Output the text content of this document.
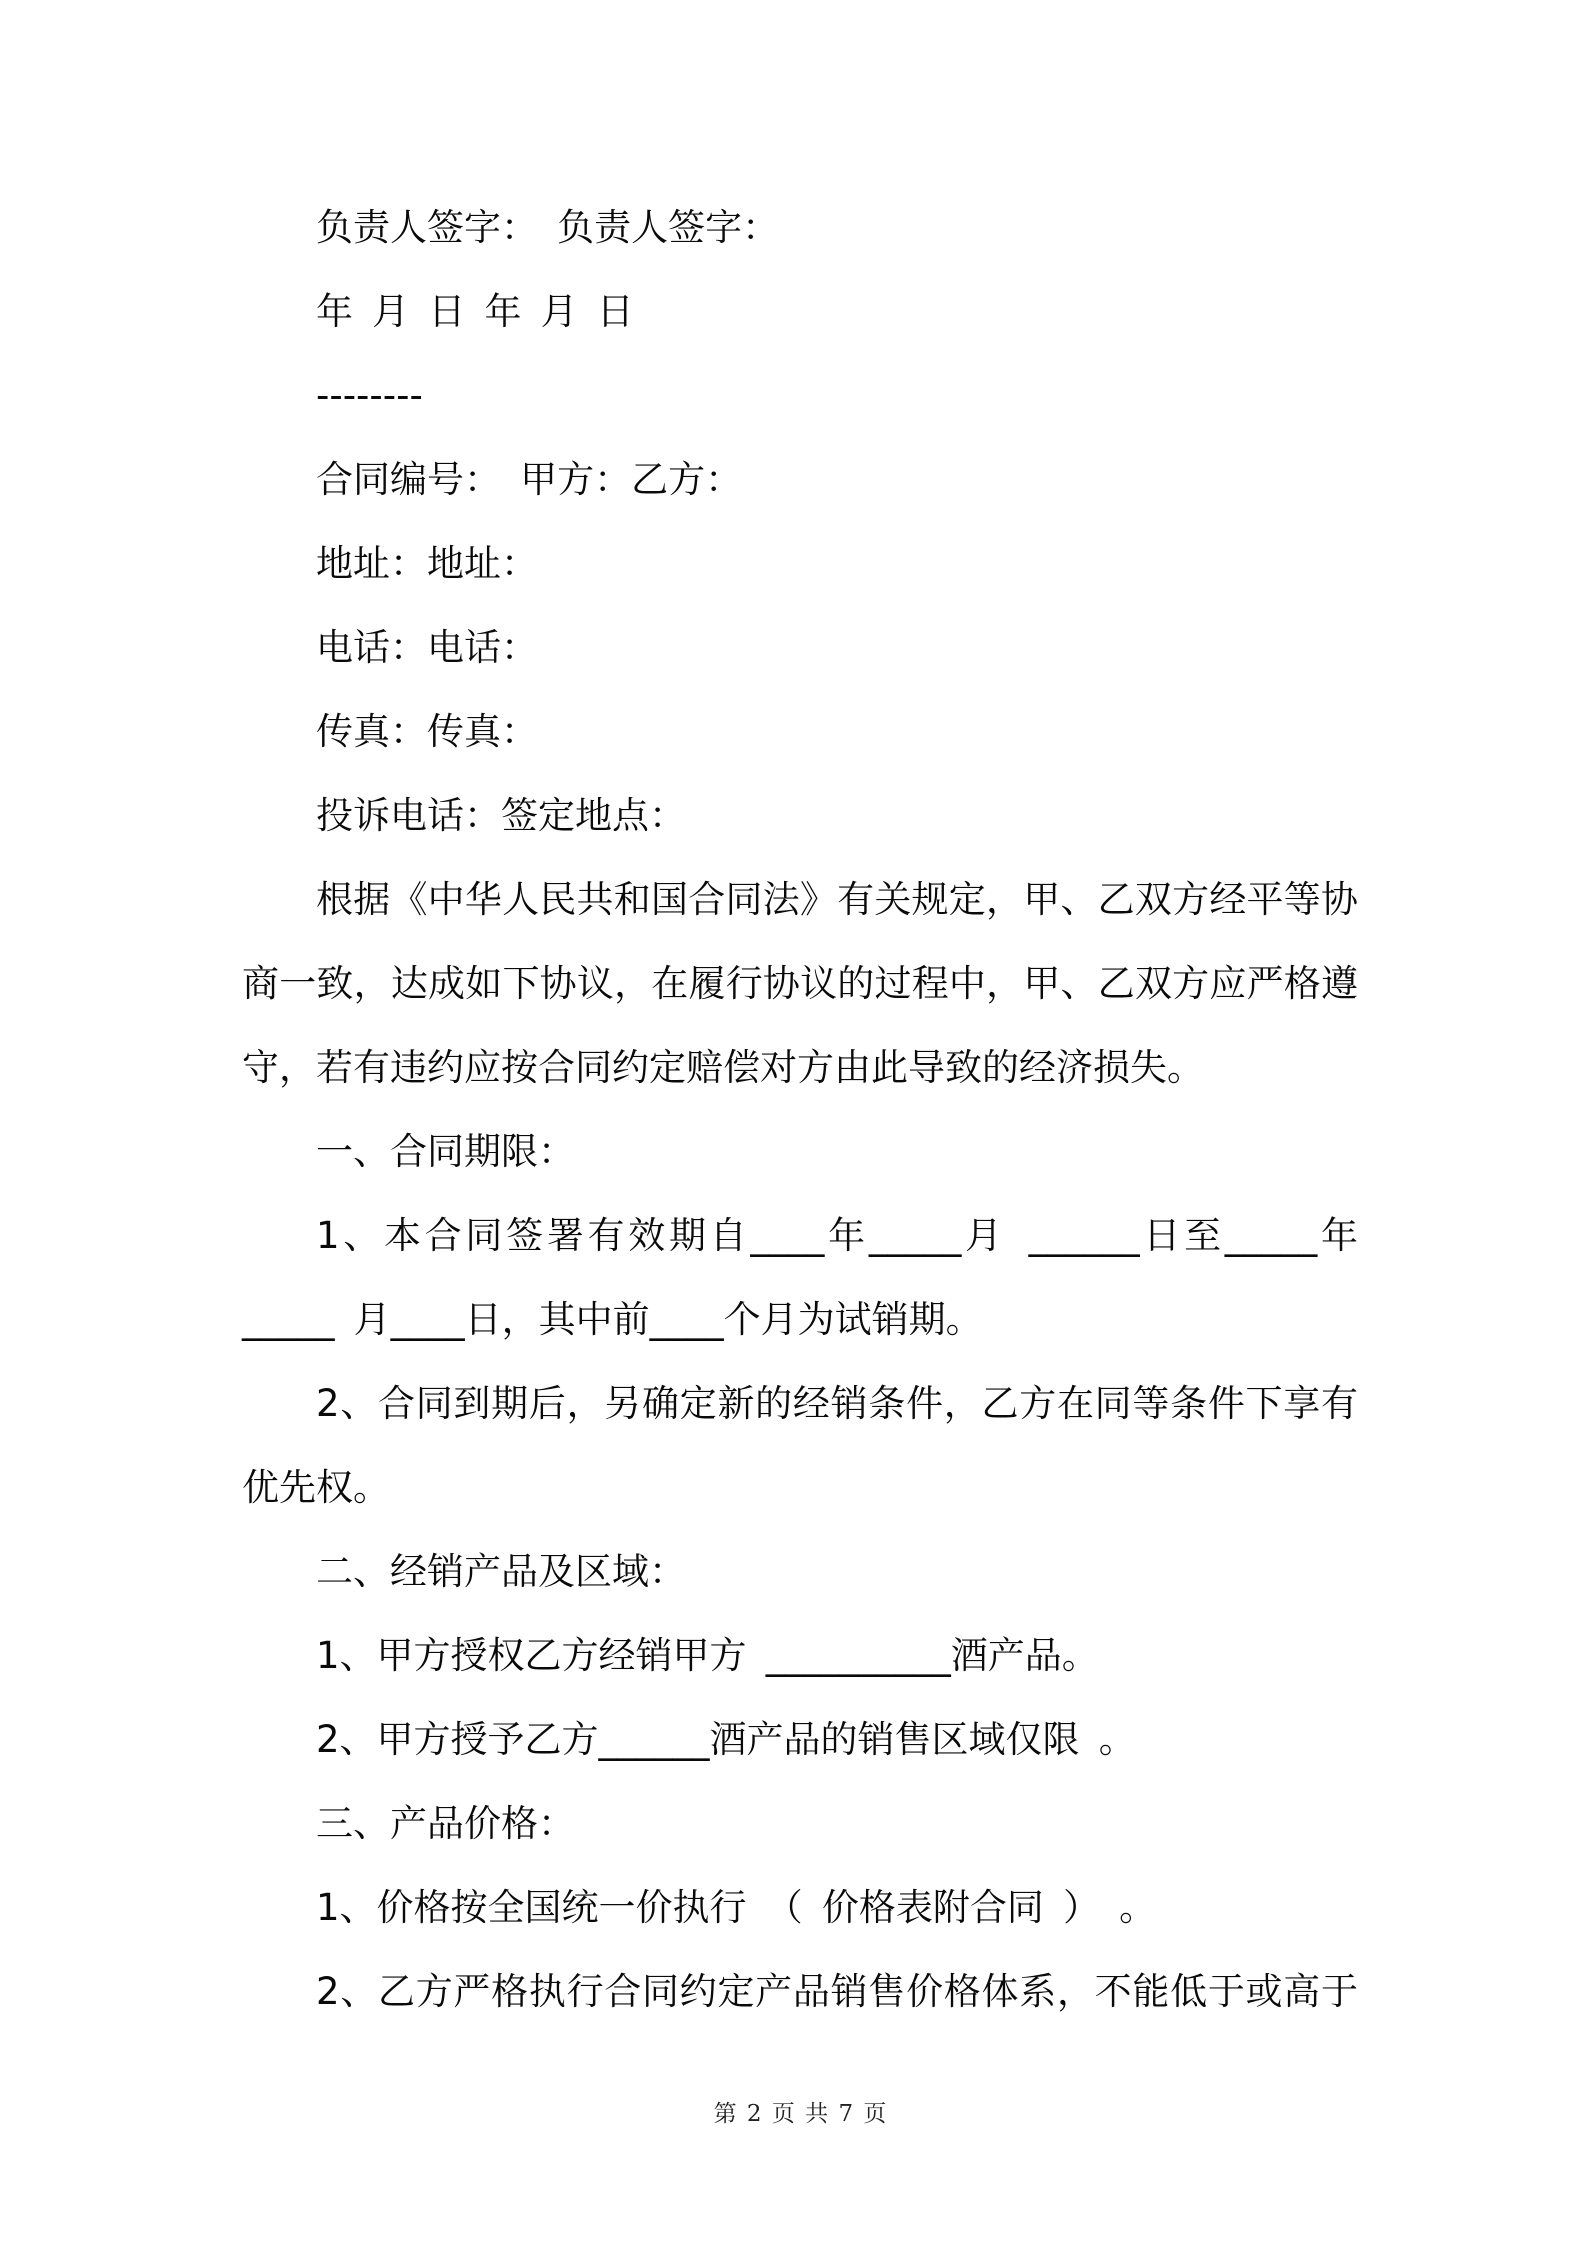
负责人签字： 负责人签字：
年 月 日 年 月 日
--------
合同编号： 甲方：乙方：
地址：地址：
电话：电话：
传真：传真：
投诉电话：签定地点：
根据《中华人民共和国合同法》有关规定，甲、乙双方经平等协
商一致，达成如下协议，在履行协议的过程中，甲、乙双方应严格遵
守，若有违约应按合同约定赔偿对方由此导致的经济损失。
一、合同期限：
1、本合同签署有效期自____年_____月 ______日至_____年
_____ 月____日，其中前____个月为试销期。
2、合同到期后，另确定新的经销条件，乙方在同等条件下享有
优先权。
二、经销产品及区域：
1、甲方授权乙方经销甲方 __________酒产品。
2、甲方授予乙方______酒产品的销售区域仅限 。
三、产品价格：
1、价格按全国统一价执行 （ 价格表附合同 ） 。
2、乙方严格执行合同约定产品销售价格体系，不能低于或高于
第 2 页 共 7 页
